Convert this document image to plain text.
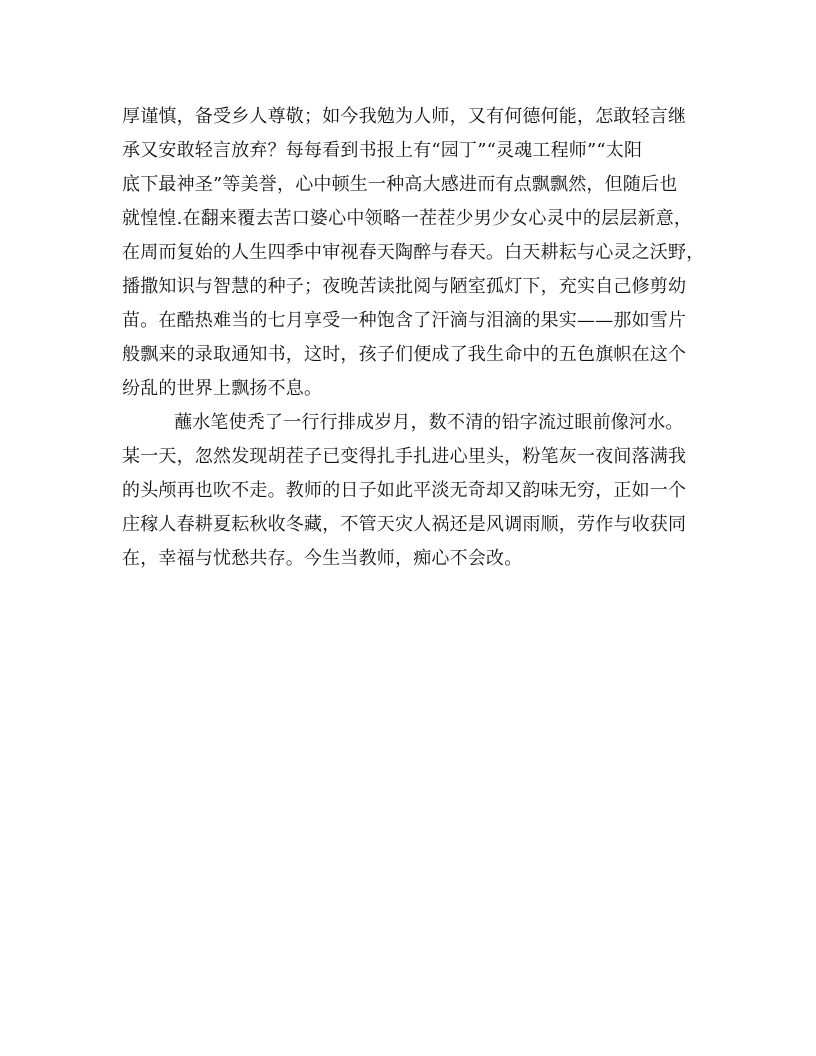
厚谨慎，备受乡人尊敬；如今我勉为人师，又有何德何能，怎敢轻言继
承又安敢轻言放弃？每每看到书报上有“园丁”“灵魂工程师”“太阳
底下最神圣”等美誉，心中顿生一种高大感进而有点飘飘然，但随后也
就惶惶.在翻来覆去苦口婆心中领略一茬茬少男少女心灵中的层层新意，
在周而复始的人生四季中审视春天陶醉与春天。白天耕耘与心灵之沃野，
播撒知识与智慧的种子；夜晚苦读批阅与陋室孤灯下，充实自己修剪幼
苗。在酷热难当的七月享受一种饱含了汗滴与泪滴的果实——那如雪片
般飘来的录取通知书，这时，孩子们便成了我生命中的五色旗帜在这个
纷乱的世界上飘扬不息。
蘸水笔使秃了一行行排成岁月，数不清的铅字流过眼前像河水。
某一天，忽然发现胡茬子已变得扎手扎进心里头，粉笔灰一夜间落满我
的头颅再也吹不走。教师的日子如此平淡无奇却又韵味无穷，正如一个
庄稼人春耕夏耘秋收冬藏，不管天灾人祸还是风调雨顺，劳作与收获同
在，幸福与忧愁共存。今生当教师，痴心不会改。
